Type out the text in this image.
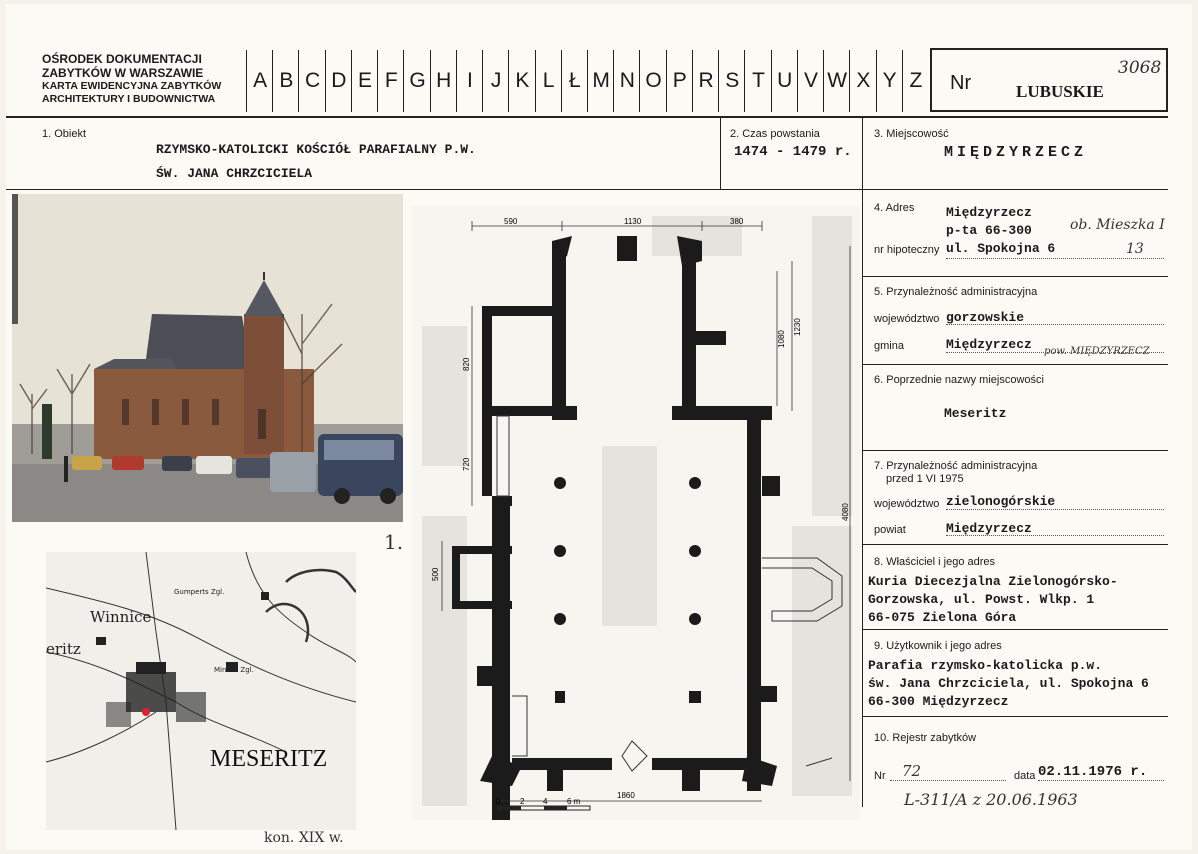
OŚRODEK DOKUMENTACJI
ZABYTKÓW W WARSZAWIE
KARTA EWIDENCYJNA ZABYTKÓW
ARCHITEKTURY I BUDOWNICTWA
A B C D E F G H I J K L Ł M N O P R S T U V W X Y Z	Nr	LUBUSKIE
3068
1. Obiekt
RZYMSKO-KATOLICKI KOŚCIÓŁ PARAFIALNY P.W.
ŚW. JANA CHRZCICIELA
2. Czas powstania
1474 - 1479 r.
3. Miejscowość
MIĘDZYRZECZ
4. Adres Międzyrzecz
p-ta 66-300
nr hipoteczny ul. Spokojna 6
ob. Mieszka I
13
5. Przynależność administracyjna
województwo gorzowskie
gmina	Międzyrzecz pow. MIĘDZYRZECZ
6. Poprzednie nazwy miejscowości
Meseritz
7. Przynależność administracyjna
przed 1 VI 1975
województwo zielonogórskie
powiat	Międzyrzecz
8. Właściciel i jego adres
Kuria Diecezjalna Zielonogórsko-
Gorzowska, ul. Powst. Wlkp. 1
66-075 Zielona Góra
9. Użytkownik i jego adres
Parafia rzymsko-katolicka p.w.
św. Jana Chrzciciela, ul. Spokojna 6
66-300 Międzyrzecz
10. Rejestr zabytków
Nr 72	data 02.11.1976 r.
L-311/A z 20.06.1963
1.
Winnice
eritz
Gumperts Zgl.
Minkes Zgl.
MESERITZ
kon. XIX w.
590	1130	380
1080
1230
820
720
500
4080
1860
0 2 4 6 m
